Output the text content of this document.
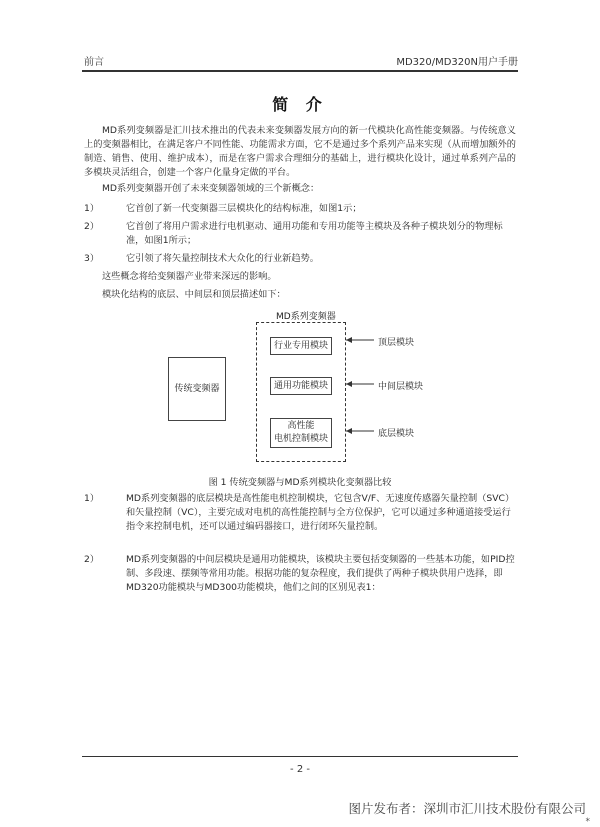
前言	MD320/MD320N用户手册
简 介
MD系列变频器是汇川技术推出的代表未来变频器发展方向的新一代模块化高性能变频器。与传统意义上的变频器相比，在满足客户不同性能、功能需求方面，它不是通过多个系列产品来实现（从而增加额外的制造、销售、使用、维护成本），而是在客户需求合理细分的基础上，进行模块化设计，通过单系列产品的多模块灵活组合，创建一个客户化量身定做的平台。
MD系列变频器开创了未来变频器领域的三个新概念：
1）	它首创了新一代变频器三层模块化的结构标准，如图1示；
2）	它首创了将用户需求进行电机驱动、通用功能和专用功能等主模块及各种子模块划分的物理标准，如图1所示；
3）	它引领了将矢量控制技术大众化的行业新趋势。
这些概念将给变频器产业带来深远的影响。
模块化结构的底层、中间层和顶层描述如下：
MD系列变频器
传统变频器
行业专用模块
通用功能模块
高性能
电机控制模块
顶层模块
中间层模块
底层模块
图 1 传统变频器与MD系列模块化变频器比较
1）	MD系列变频器的底层模块是高性能电机控制模块，它包含V/F、无速度传感器矢量控制（SVC）和矢量控制（VC），主要完成对电机的高性能控制与全方位保护，它可以通过多种通道接受运行指令来控制电机，还可以通过编码器接口，进行闭环矢量控制。
2）	MD系列变频器的中间层模块是通用功能模块，该模块主要包括变频器的一些基本功能，如PID控制、多段速、摆频等常用功能。根据功能的复杂程度，我们提供了两种子模块供用户选择，即MD320功能模块与MD300功能模块，他们之间的区别见表1：
- 2 -
图片发布者：深圳市汇川技术股份有限公司
*
